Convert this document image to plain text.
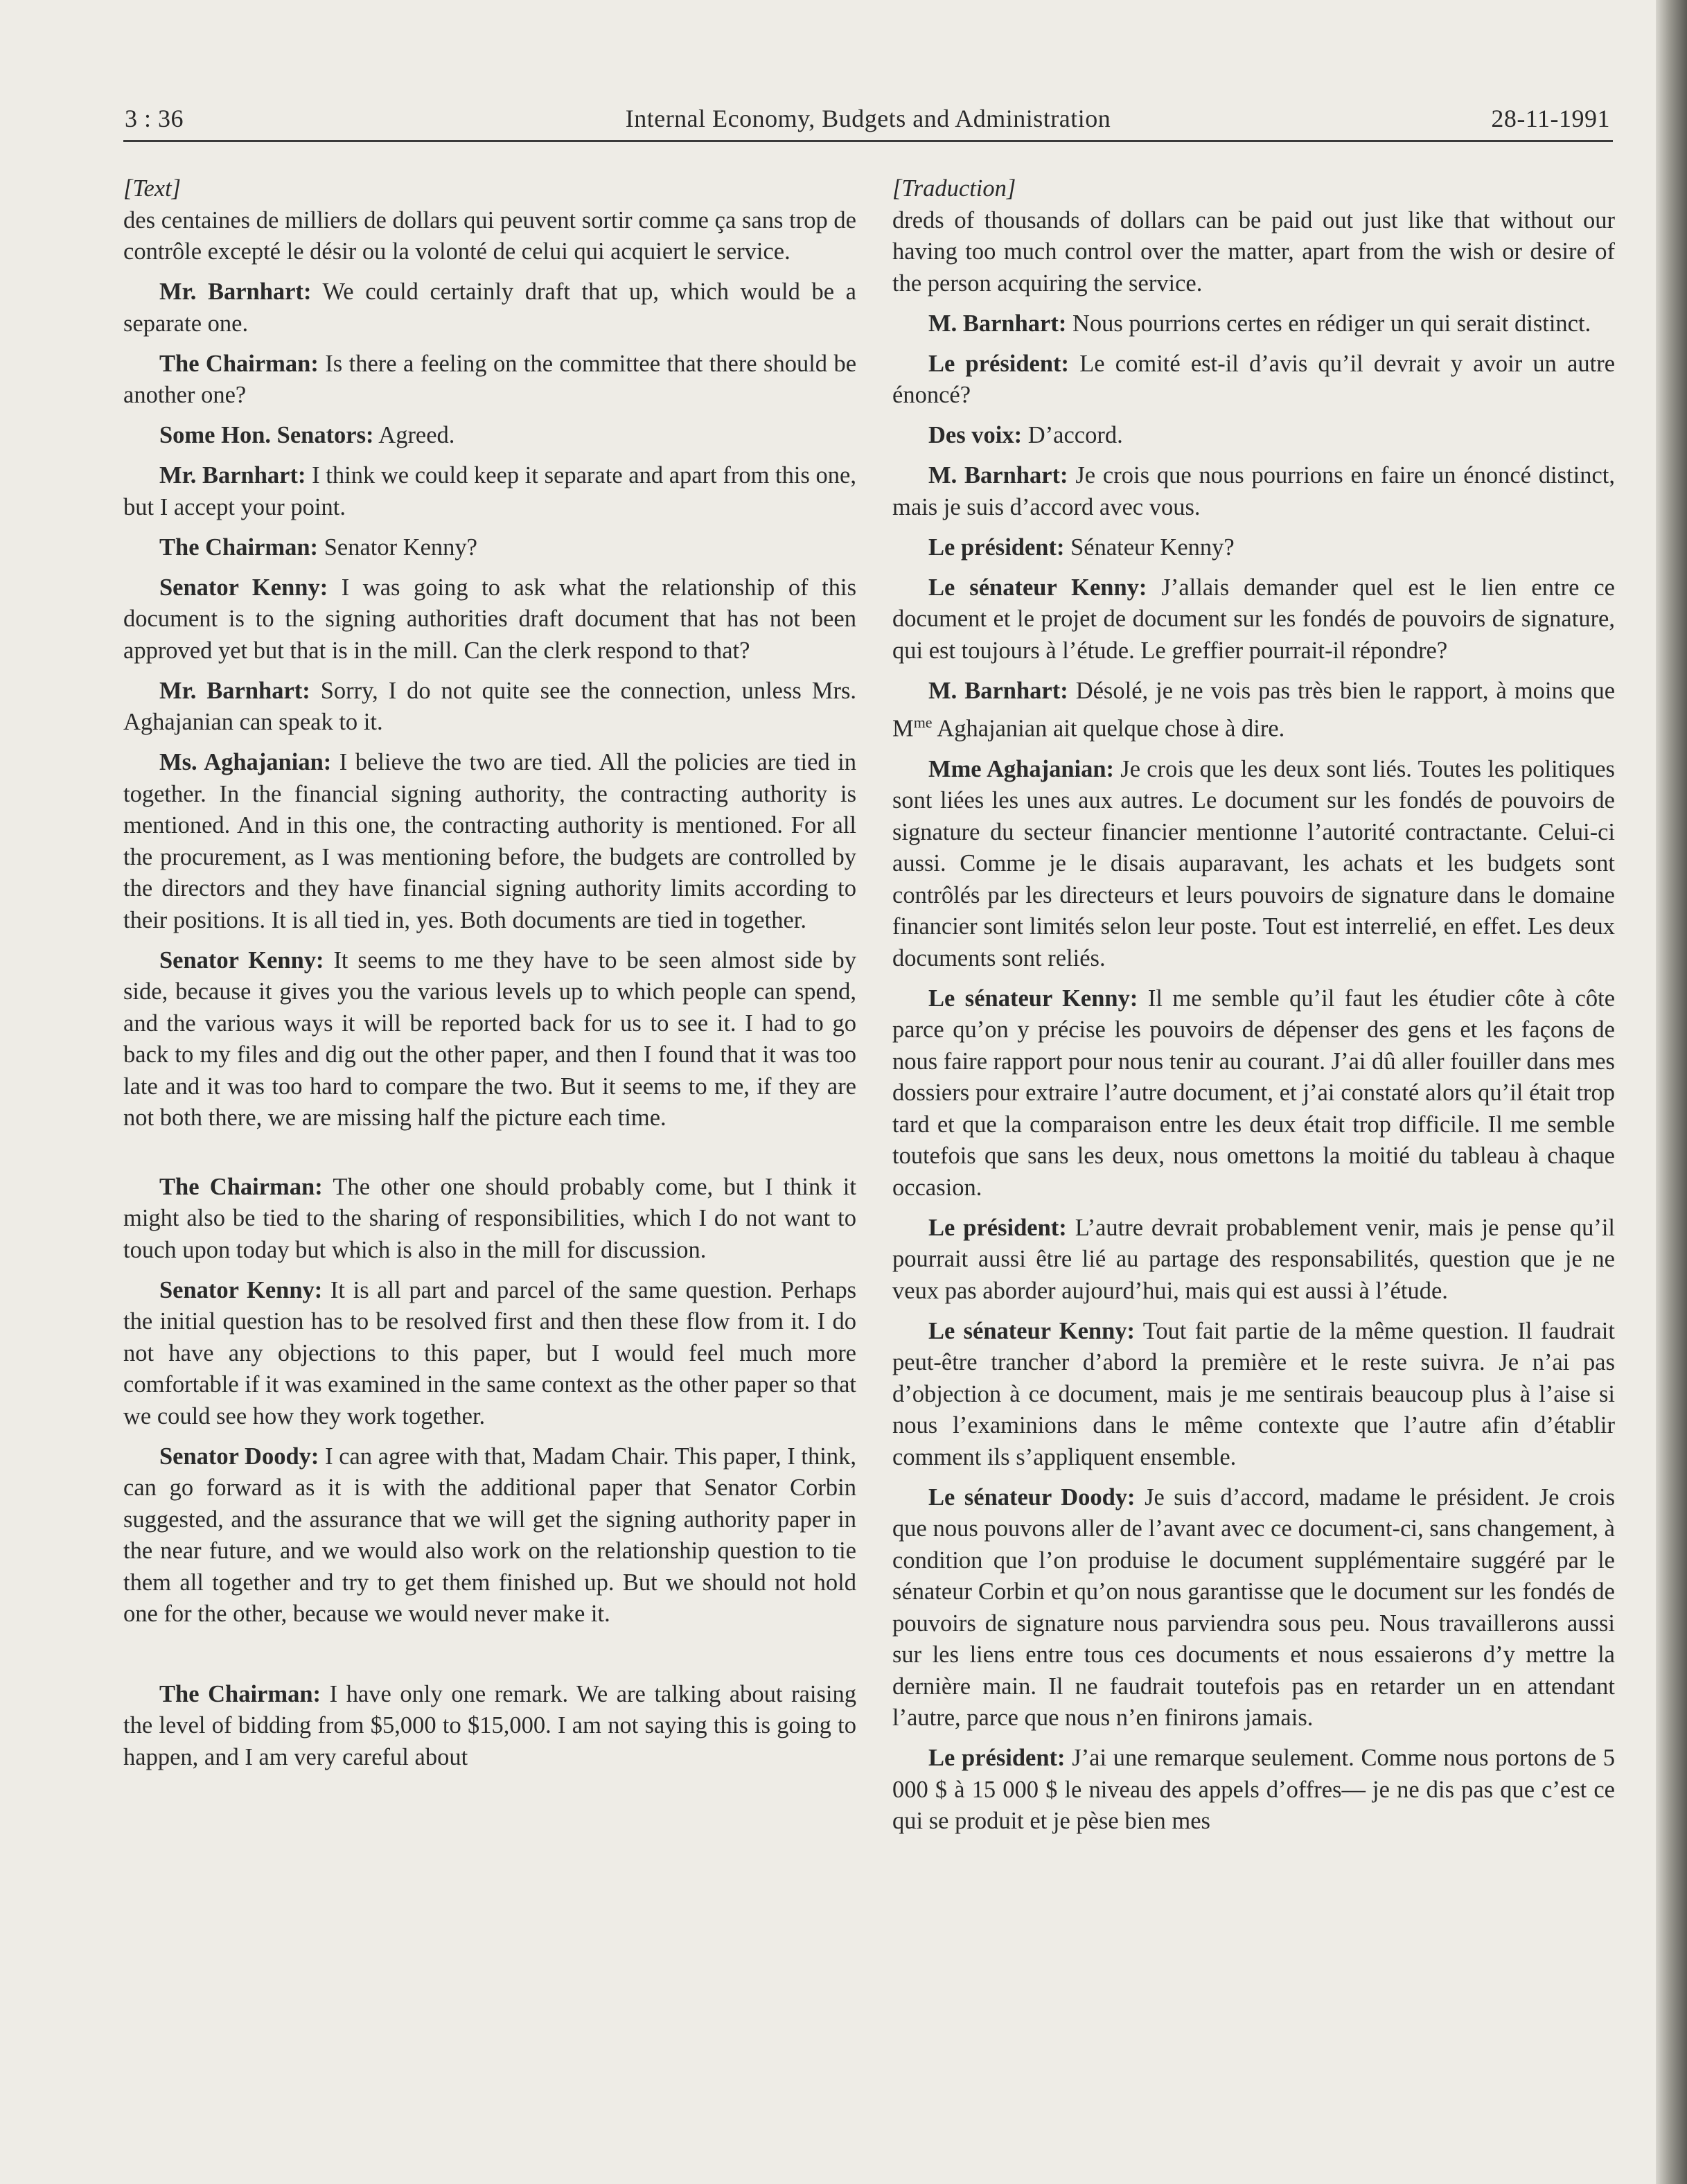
3 : 36	Internal Economy, Budgets and Administration	28-11-1991

[Text]

des centaines de milliers de dollars qui peuvent sortir comme ça sans trop de contrôle excepté le désir ou la volonté de celui qui acquiert le service.

Mr. Barnhart: We could certainly draft that up, which would be a separate one.

The Chairman: Is there a feeling on the committee that there should be another one?

Some Hon. Senators: Agreed.

Mr. Barnhart: I think we could keep it separate and apart from this one, but I accept your point.

The Chairman: Senator Kenny?

Senator Kenny: I was going to ask what the relationship of this document is to the signing authorities draft document that has not been approved yet but that is in the mill. Can the clerk respond to that?

Mr. Barnhart: Sorry, I do not quite see the connection, unless Mrs. Aghajanian can speak to it.

Ms. Aghajanian: I believe the two are tied. All the policies are tied in together. In the financial signing authority, the contracting authority is mentioned. And in this one, the contracting authority is mentioned. For all the procurement, as I was mentioning before, the budgets are controlled by the directors and they have financial signing authority limits according to their positions. It is all tied in, yes. Both documents are tied in together.

Senator Kenny: It seems to me they have to be seen almost side by side, because it gives you the various levels up to which people can spend, and the various ways it will be reported back for us to see it. I had to go back to my files and dig out the other paper, and then I found that it was too late and it was too hard to compare the two. But it seems to me, if they are not both there, we are missing half the picture each time.

The Chairman: The other one should probably come, but I think it might also be tied to the sharing of responsibilities, which I do not want to touch upon today but which is also in the mill for discussion.

Senator Kenny: It is all part and parcel of the same question. Perhaps the initial question has to be resolved first and then these flow from it. I do not have any objections to this paper, but I would feel much more comfortable if it was examined in the same context as the other paper so that we could see how they work together.

Senator Doody: I can agree with that, Madam Chair. This paper, I think, can go forward as it is with the additional paper that Senator Corbin suggested, and the assurance that we will get the signing authority paper in the near future, and we would also work on the relationship question to tie them all together and try to get them finished up. But we should not hold one for the other, because we would never make it.

The Chairman: I have only one remark. We are talking about raising the level of bidding from $5,000 to $15,000. I am not saying this is going to happen, and I am very careful about

[Traduction]

dreds of thousands of dollars can be paid out just like that without our having too much control over the matter, apart from the wish or desire of the person acquiring the service.

M. Barnhart: Nous pourrions certes en rédiger un qui serait distinct.

Le président: Le comité est-il d’avis qu’il devrait y avoir un autre énoncé?

Des voix: D’accord.

M. Barnhart: Je crois que nous pourrions en faire un énoncé distinct, mais je suis d’accord avec vous.

Le président: Sénateur Kenny?

Le sénateur Kenny: J’allais demander quel est le lien entre ce document et le projet de document sur les fondés de pouvoirs de signature, qui est toujours à l’étude. Le greffier pourrait-il répondre?

M. Barnhart: Désolé, je ne vois pas très bien le rapport, à moins que $M^{me}$ Aghajanian ait quelque chose à dire.

Mme Aghajanian: Je crois que les deux sont liés. Toutes les politiques sont liées les unes aux autres. Le document sur les fondés de pouvoirs de signature du secteur financier mentionne l’autorité contractante. Celui-ci aussi. Comme je le disais auparavant, les achats et les budgets sont contrôlés par les directeurs et leurs pouvoirs de signature dans le domaine financier sont limités selon leur poste. Tout est interrelié, en effet. Les deux documents sont reliés.

Le sénateur Kenny: Il me semble qu’il faut les étudier côte à côte parce qu’on y précise les pouvoirs de dépenser des gens et les façons de nous faire rapport pour nous tenir au courant. J’ai dû aller fouiller dans mes dossiers pour extraire l’autre document, et j’ai constaté alors qu’il était trop tard et que la comparaison entre les deux était trop difficile. Il me semble toutefois que sans les deux, nous omettons la moitié du tableau à chaque occasion.

Le président: L’autre devrait probablement venir, mais je pense qu’il pourrait aussi être lié au partage des responsabilités, question que je ne veux pas aborder aujourd’hui, mais qui est aussi à l’étude.

Le sénateur Kenny: Tout fait partie de la même question. Il faudrait peut-être trancher d’abord la première et le reste suivra. Je n’ai pas d’objection à ce document, mais je me sentirais beaucoup plus à l’aise si nous l’examinions dans le même contexte que l’autre afin d’établir comment ils s’appliquent ensemble.

Le sénateur Doody: Je suis d’accord, madame le président. Je crois que nous pouvons aller de l’avant avec ce document-ci, sans changement, à condition que l’on produise le document supplémentaire suggéré par le sénateur Corbin et qu’on nous garantisse que le document sur les fondés de pouvoirs de signature nous parviendra sous peu. Nous travaillerons aussi sur les liens entre tous ces documents et nous essaierons d’y mettre la dernière main. Il ne faudrait toutefois pas en retarder un en attendant l’autre, parce que nous n’en finirons jamais.

Le président: J’ai une remarque seulement. Comme nous portons de 5 000 $ à 15 000 $ le niveau des appels d’offres— je ne dis pas que c’est ce qui se produit et je pèse bien mes
